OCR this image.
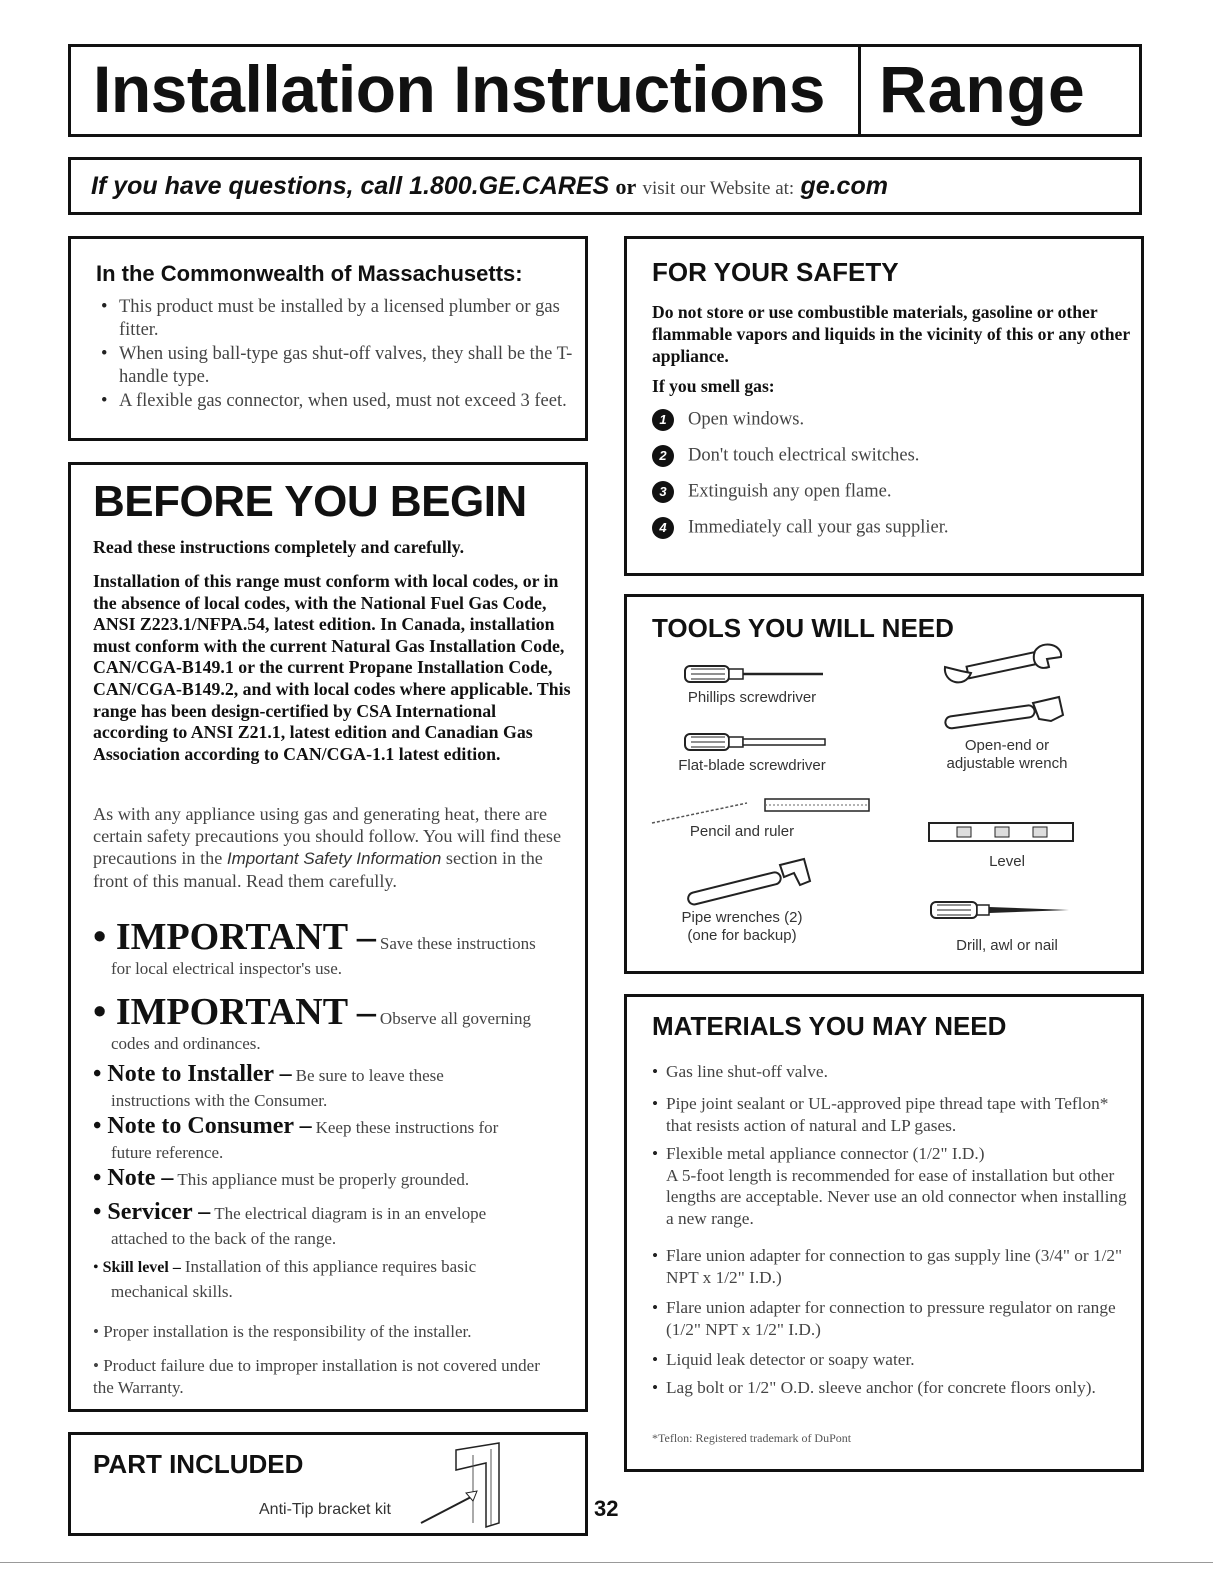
Installation Instructions Range
If you have questions, call 1.800.GE.CARES or visit our Website at: ge.com
In the Commonwealth of Massachusetts:
• This product must be installed by a licensed plumber or gas fitter.
• When using ball-type gas shut-off valves, they shall be the T-handle type.
• A flexible gas connector, when used, must not exceed 3 feet.
BEFORE YOU BEGIN
Read these instructions completely and carefully.
Installation of this range must conform with local codes, or in the absence of local codes, with the National Fuel Gas Code, ANSI Z223.1/NFPA.54, latest edition. In Canada, installation must conform with the current Natural Gas Installation Code, CAN/CGA-B149.1 or the current Propane Installation Code, CAN/CGA-B149.2, and with local codes where applicable. This range has been design-certified by CSA International according to ANSI Z21.1, latest edition and Canadian Gas Association according to CAN/CGA-1.1 latest edition.
As with any appliance using gas and generating heat, there are certain safety precautions you should follow. You will find these precautions in the Important Safety Information section in the front of this manual. Read them carefully.
• IMPORTANT – Save these instructions
for local electrical inspector's use.
• IMPORTANT – Observe all governing
codes and ordinances.
• Note to Installer – Be sure to leave these
instructions with the Consumer.
• Note to Consumer – Keep these instructions for
future reference.
• Note – This appliance must be properly grounded.
• Servicer – The electrical diagram is in an envelope
attached to the back of the range.
• Skill level – Installation of this appliance requires basic
mechanical skills.
• Proper installation is the responsibility of the installer.
• Product failure due to improper installation is not covered under the Warranty.
PART INCLUDED
Anti-Tip bracket kit	32
FOR YOUR SAFETY
Do not store or use combustible materials, gasoline or other flammable vapors and liquids in the vicinity of this or any other appliance.
If you smell gas:
1 Open windows.
2 Don't touch electrical switches.
3 Extinguish any open flame.
4 Immediately call your gas supplier.
TOOLS YOU WILL NEED
Phillips screwdriver
Flat-blade screwdriver
Pencil and ruler
Pipe wrenches (2)
(one for backup)
Open-end or
adjustable wrench
Level
Drill, awl or nail
MATERIALS YOU MAY NEED
• Gas line shut-off valve.
• Pipe joint sealant or UL-approved pipe thread tape with Teflon* that resists action of natural and LP gases.
• Flexible metal appliance connector (1/2" I.D.)
A 5-foot length is recommended for ease of installation but other lengths are acceptable. Never use an old connector when installing a new range.
• Flare union adapter for connection to gas supply line (3/4" or 1/2" NPT x 1/2" I.D.)
• Flare union adapter for connection to pressure regulator on range (1/2" NPT x 1/2" I.D.)
• Liquid leak detector or soapy water.
• Lag bolt or 1/2" O.D. sleeve anchor (for concrete floors only).
*Teflon: Registered trademark of DuPont
